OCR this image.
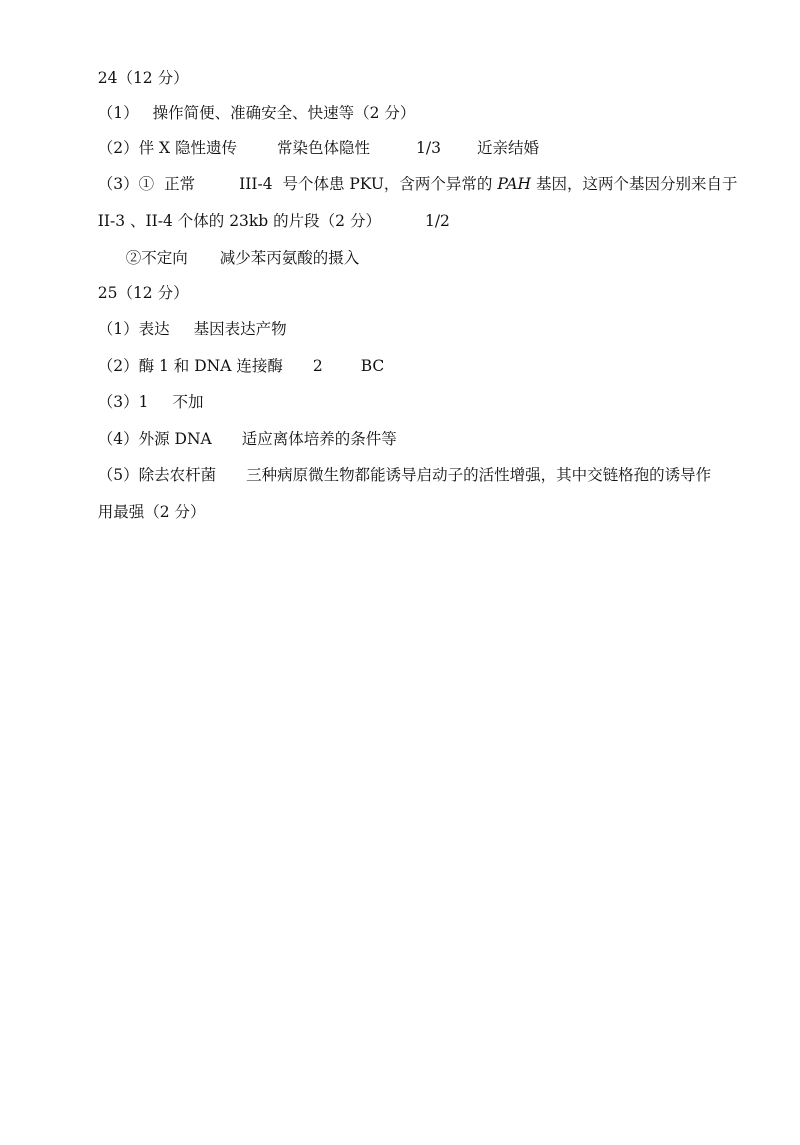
24（12 分）

（1） 操作简便、准确安全、快速等（2 分）

（2）伴 X 隐性遗传	常染色体隐性	1/3 近亲结婚

（3）① 正常	III-4  号个体患 PKU，含两个异常的 PAH 基因，这两个基因分别来自于

II-3 、II-4 个体的 23kb 的片段（2 分）	1/2

②不定向 减少苯丙氨酸的摄入

25（12 分）

（1）表达 基因表达产物

（2）酶 1 和 DNA 连接酶 2 BC

（3）1 不加

（4）外源 DNA 适应离体培养的条件等

（5）除去农杆菌 三种病原微生物都能诱导启动子的活性增强，其中交链格孢的诱导作

用最强（2 分）
